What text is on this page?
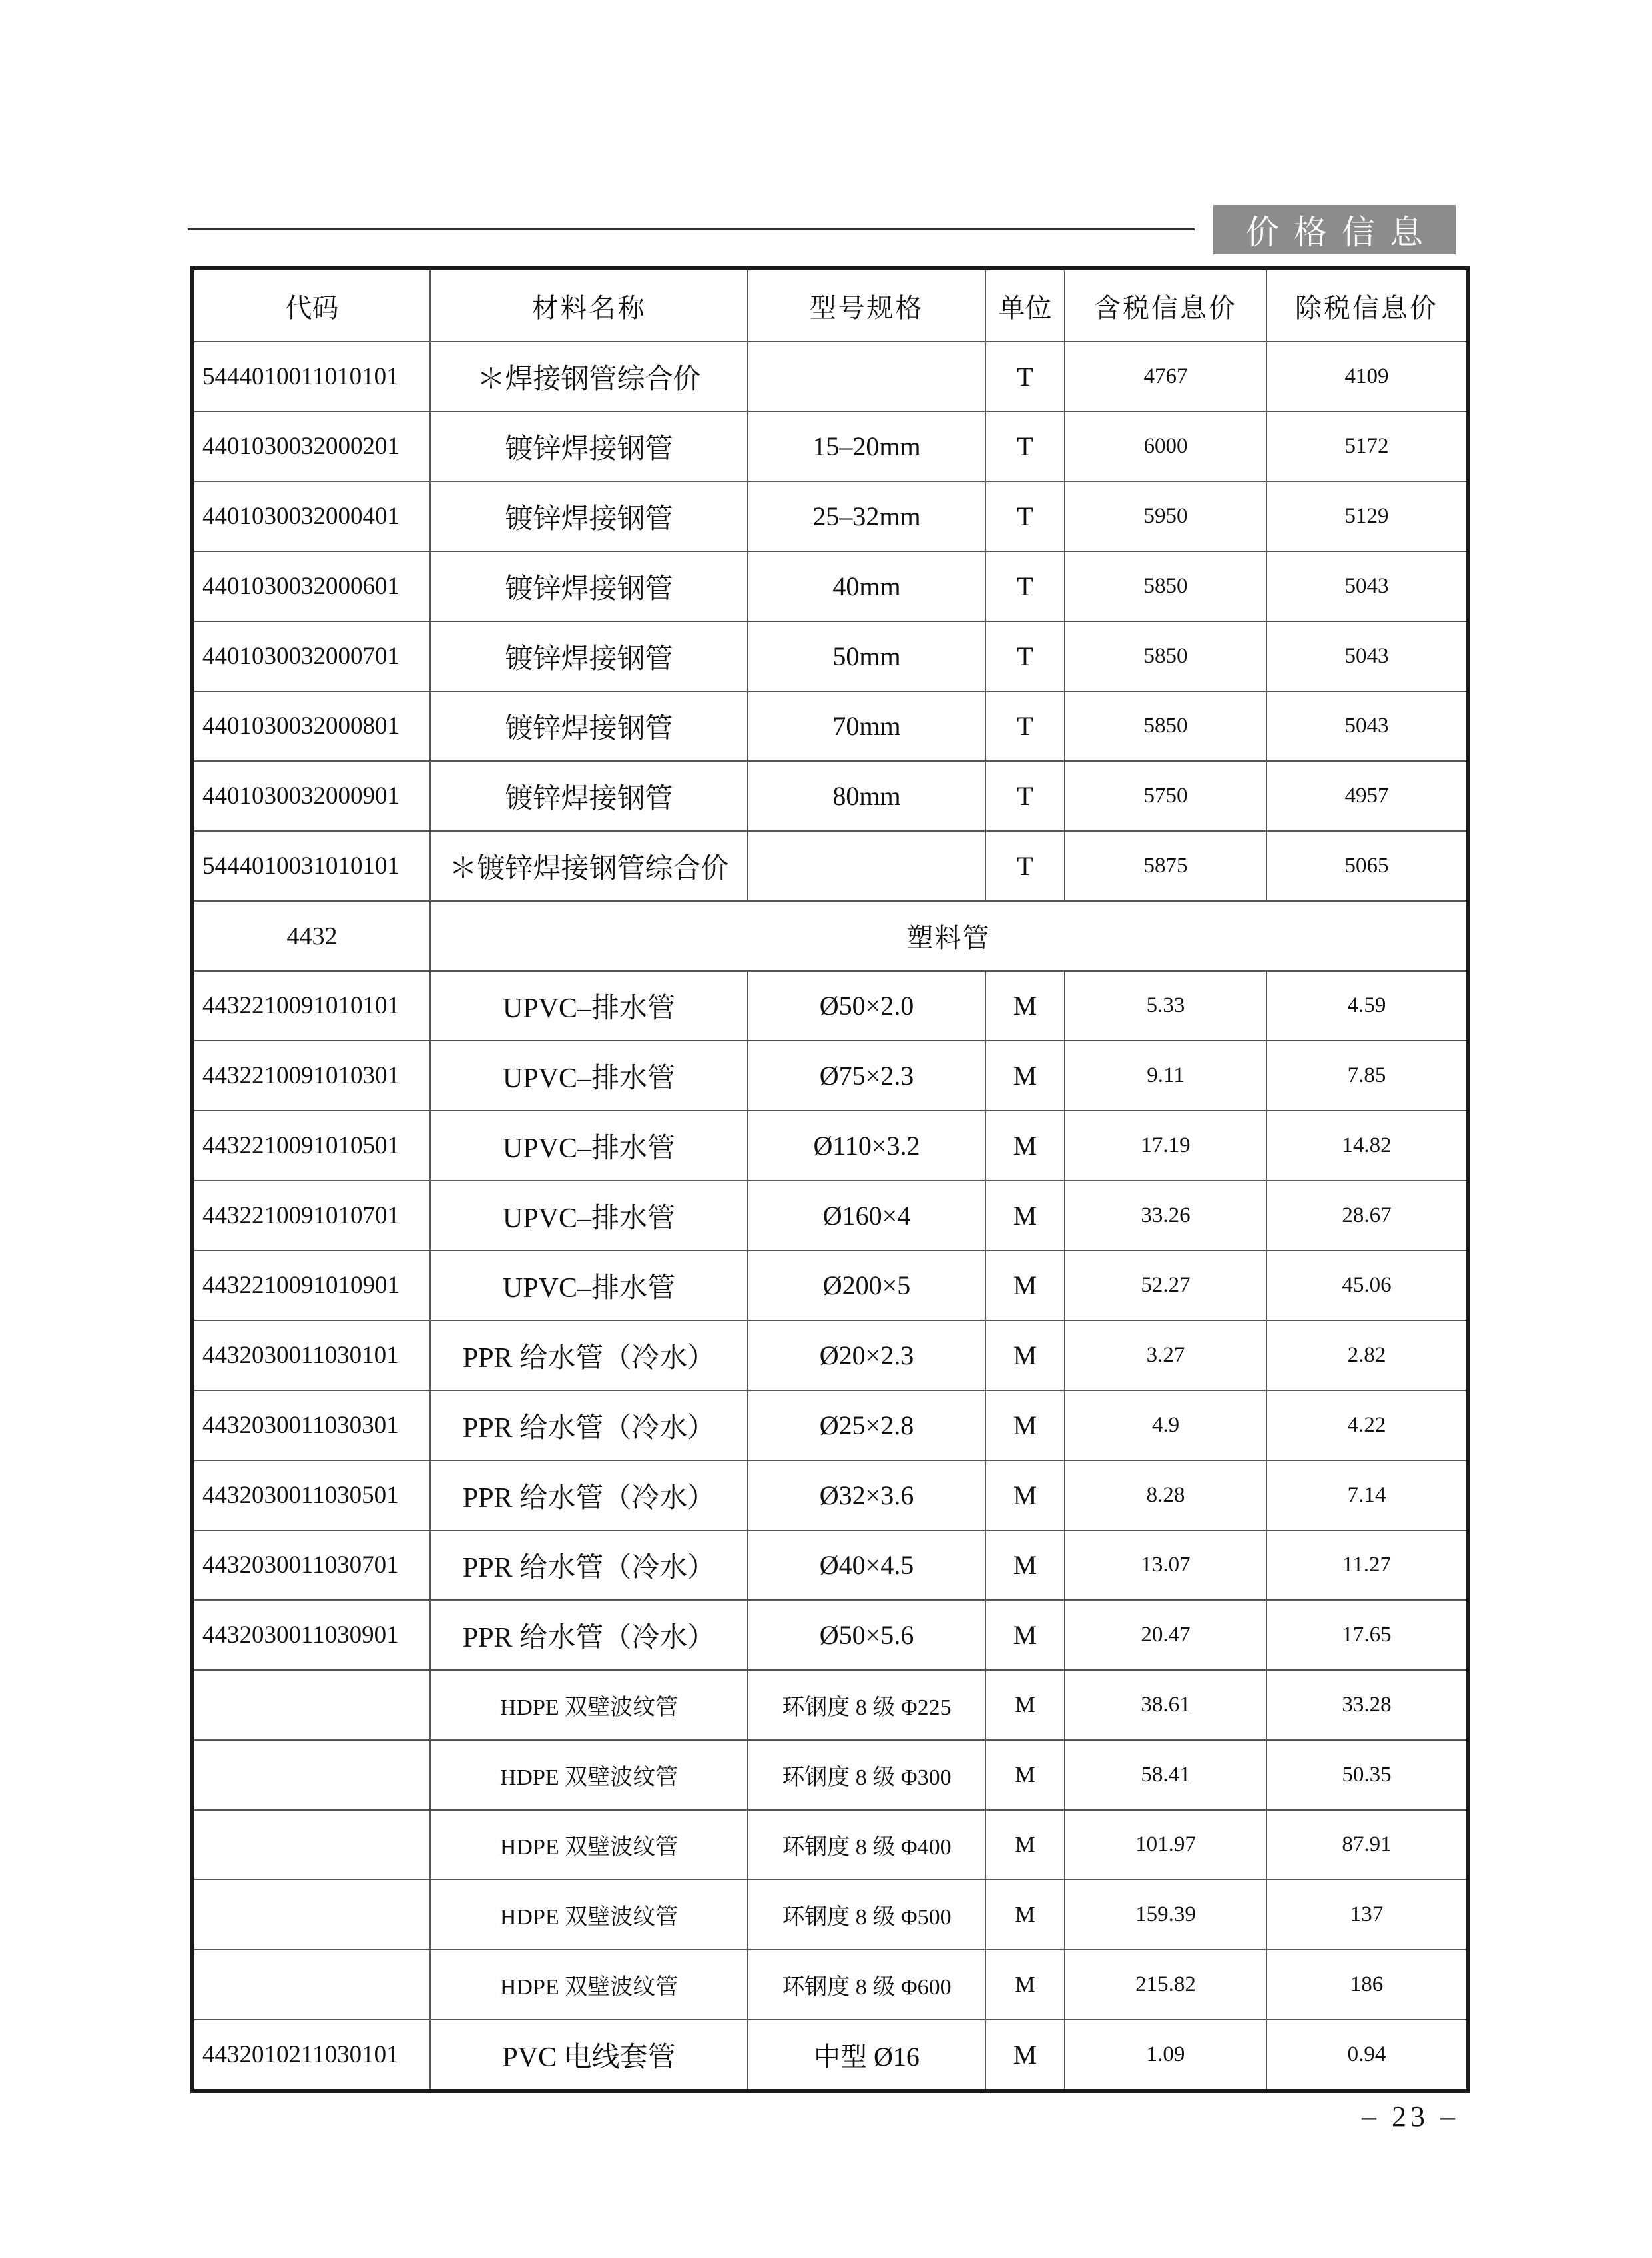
价格信息
代码	材料名称	型号规格	单位	含税信息价	除税信息价
5444010011010101	＊焊接钢管综合价		T	4767	4109
4401030032000201	镀锌焊接钢管	15–20mm	T	6000	5172
4401030032000401	镀锌焊接钢管	25–32mm	T	5950	5129
4401030032000601	镀锌焊接钢管	40mm	T	5850	5043
4401030032000701	镀锌焊接钢管	50mm	T	5850	5043
4401030032000801	镀锌焊接钢管	70mm	T	5850	5043
4401030032000901	镀锌焊接钢管	80mm	T	5750	4957
5444010031010101	＊镀锌焊接钢管综合价		T	5875	5065
4432	塑料管				
4432210091010101	UPVC–排水管	Ø50×2.0	M	5.33	4.59
4432210091010301	UPVC–排水管	Ø75×2.3	M	9.11	7.85
4432210091010501	UPVC–排水管	Ø110×3.2	M	17.19	14.82
4432210091010701	UPVC–排水管	Ø160×4	M	33.26	28.67
4432210091010901	UPVC–排水管	Ø200×5	M	52.27	45.06
4432030011030101	PPR 给水管（冷水）	Ø20×2.3	M	3.27	2.82
4432030011030301	PPR 给水管（冷水）	Ø25×2.8	M	4.9	4.22
4432030011030501	PPR 给水管（冷水）	Ø32×3.6	M	8.28	7.14
4432030011030701	PPR 给水管（冷水）	Ø40×4.5	M	13.07	11.27
4432030011030901	PPR 给水管（冷水）	Ø50×5.6	M	20.47	17.65
	HDPE 双壁波纹管	环钢度 8 级 Φ225	M	38.61	33.28
	HDPE 双壁波纹管	环钢度 8 级 Φ300	M	58.41	50.35
	HDPE 双壁波纹管	环钢度 8 级 Φ400	M	101.97	87.91
	HDPE 双壁波纹管	环钢度 8 级 Φ500	M	159.39	137
	HDPE 双壁波纹管	环钢度 8 级 Φ600	M	215.82	186
4432010211030101	PVC 电线套管	中型 Ø16	M	1.09	0.94
– 23 –
